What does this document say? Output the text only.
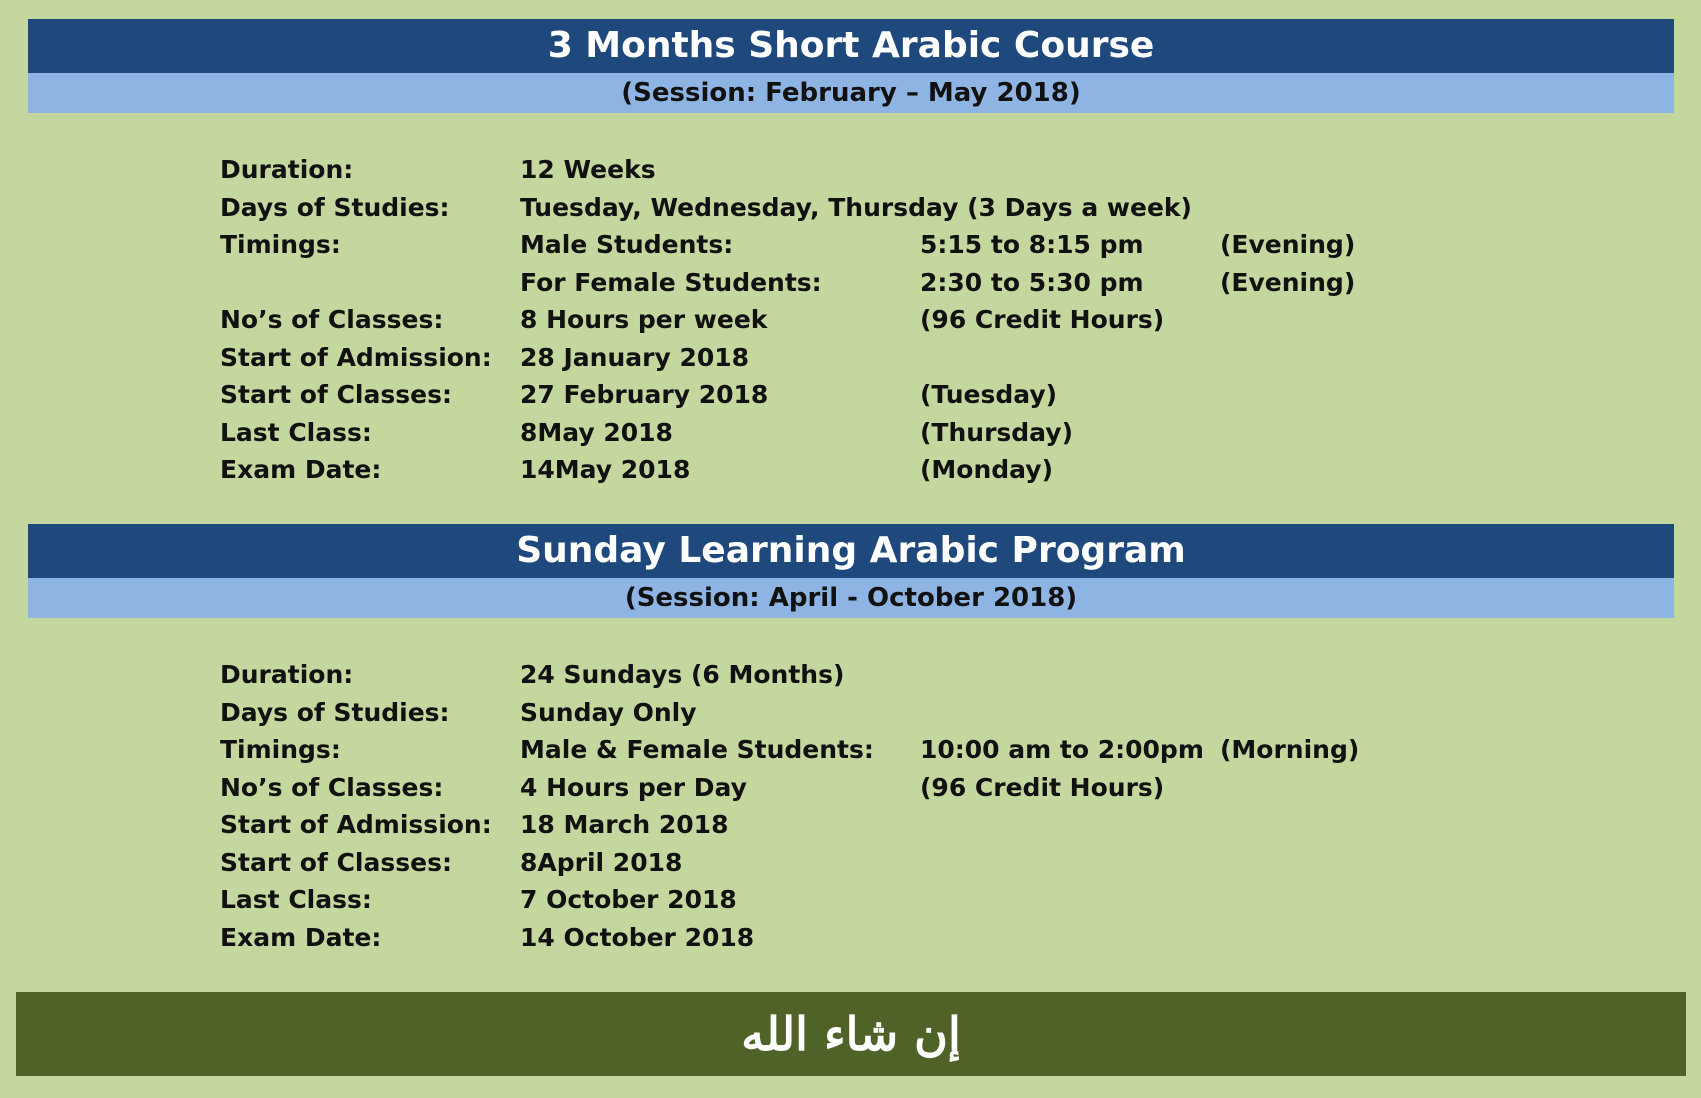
3 Months Short Arabic Course
(Session: February – May 2018)
Duration:	12 Weeks
Days of Studies:	Tuesday, Wednesday, Thursday (3 Days a week)
Timings:	Male Students:	5:15 to 8:15 pm	(Evening)
For Female Students:	2:30 to 5:30 pm	(Evening)
No’s of Classes:	8 Hours per week	(96 Credit Hours)
Start of Admission: 28 January 2018
Start of Classes:	27 February 2018	(Tuesday)
Last Class:	8May 2018	(Thursday)
Exam Date:	14May 2018	(Monday)
Sunday Learning Arabic Program
(Session: April - October 2018)
Duration:	24 Sundays (6 Months)
Days of Studies:	Sunday Only
Timings:	Male & Female Students: 10:00 am to 2:00pm (Morning)
No’s of Classes:	4 Hours per Day	(96 Credit Hours)
Start of Admission: 18 March 2018
Start of Classes:	8April 2018
Last Class:	7 October 2018
Exam Date:	14 October 2018
إن شاء الله
